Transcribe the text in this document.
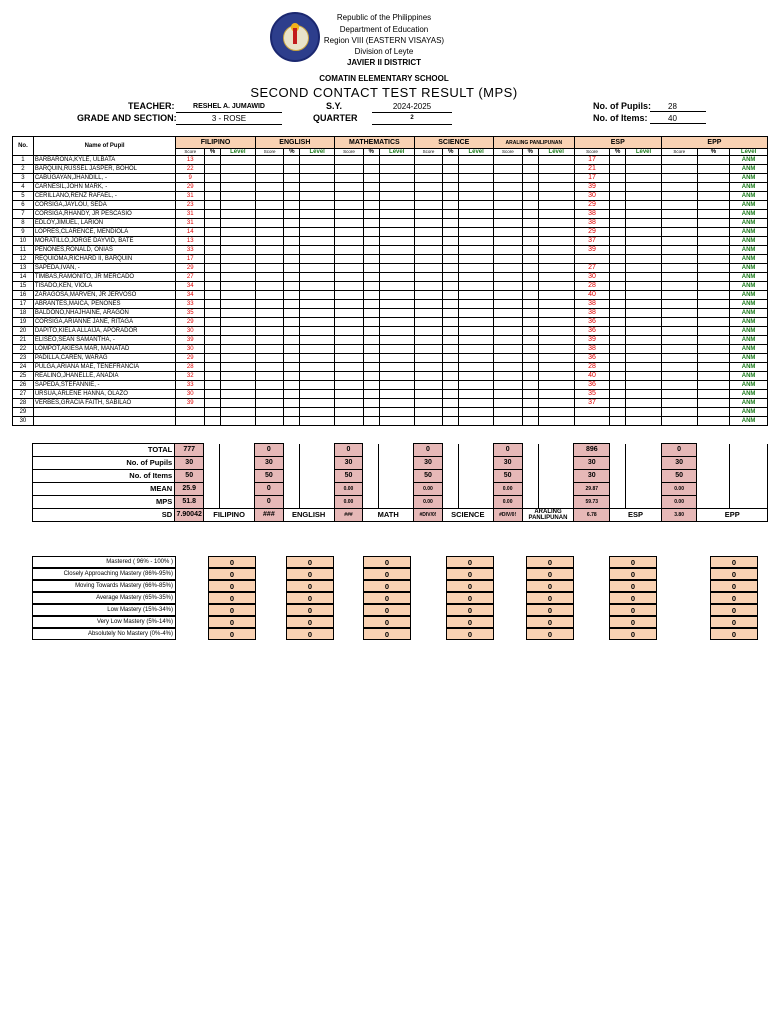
Republic of the Philippines
Department of Education
Region VIII (EASTERN VISAYAS)
Division of Leyte
JAVIER II DISTRICT
COMATIN ELEMENTARY SCHOOL
SECOND CONTACT TEST RESULT (MPS)
TEACHER:	RESHEL A. JUMAWID
GRADE AND SECTION:	3 - ROSE
S.Y.	2024-2025
QUARTER	2
No. of Pupils:	28
No. of Items:	40
No.	Name of Pupil	FILIPINO			ENGLISH			MATHEMATICS			SCIENCE			ARALING PANLIPUNAN			ESP			EPP		
		Score	%	Level	Score	%	Level	Score	%	Level	Score	%	Level	Score	%	Level	Score	%	Level	Score	%	Level
1	BARBARONA,KYLE, ULBATA	13															17					ANM
2	BARQUIN,RUSSEL JASPER, BOHOL	22															21					ANM
3	CABUGAYAN,JHANDILL, -	9															17					ANM
4	CARNESIL,JOHN MARK, -	29															39					ANM
5	CERILLANO,RENZ RAFAEL, -	31															30					ANM
6	CORSIGA,JAYLOU, SEDA	23															29					ANM
7	CORSIGA,RHANDY, JR PESCASIO	31															38					ANM
8	EDLOY,JIMUEL, LARION	31															38					ANM
9	LOPRES,CLARENCE, MENDIOLA	14															29					ANM
10	MORATILLO,JORGE DAYVID, BATE	13															37					ANM
11	PEÑONES,RONALD, ONIAS	33															39					ANM
12	REQUIOMA,RICHARD II, BARQUIN	17																				ANM
13	SAPEDA,IVAN, -	29															27					ANM
14	TIMBAS,RAMONITO, JR MERCADO	27															30					ANM
15	TISADO,KEN, VIOLA	34															28					ANM
16	ZARAGOSA,MARVEN, JR JERVOSO	34															40					ANM
17	ABRANTES,MAICA, PENONES	33															38					ANM
18	BALDONO,NHAJHAINE, ARAGON	35															38					ANM
19	CORSIGA,ARIANNE JANE, RITAGA	29															36					ANM
20	DAPITO,KIELA ALLAIJA, APORADOR	30															36					ANM
21	ELISEO,SEAN SAMANTHA, -	39															39					ANM
22	LOMPOT,AKIESA MAR, MANATAD	30															38					ANM
23	PADILLA,CAREN, WARAG	29															36					ANM
24	PULGA,ARIANA MAE, TENEFRANCIA	28															28					ANM
25	REALINO,JHANELLE, ANADIA	32															40					ANM
26	SAPEDA,STEFANNIE, -	33															36					ANM
27	URSUA,ARLENE HANNA, OLAZO	30															35					ANM
28	VERBES,GRACIA FAITH, SABILAO	39															37					ANM
29																						ANM
30																						ANM
	TOTAL	777			0			0			0			0			896			0		
	No. of Pupils	30			30			30			30			30			30			30		
	No. of Items	50			50			50			50			50			30			50		
	MEAN	25.9			0			0.00			0.00			0.00			29.87			0.00		
	MPS	51.8			0			0.00			0.00			0.00			59.73			0.00		
	SD	7.90042	FILIPINO		###	ENGLISH		###	MATH		#DIV/0!	SCIENCE		#DIV/0!	ARALING PANLIPUNAN		6.78	ESP		3.80	EPP	
Mastered ( 96% - 100% )	0	0	0	0	0	0	0
Closely Approaching Mastery (86%-95%)	0	0	0	0	0	0	0
Moving Towards Mastery (66%-85%)	0	0	0	0	0	0	0
Average Mastery (65%-35%)	0	0	0	0	0	0	0
Low Mastery (15%-34%)	0	0	0	0	0	0	0
Very Low Mastery (5%-14%)	0	0	0	0	0	0	0
Absolutely No Mastery (0%-4%)	0	0	0	0	0	0	0
